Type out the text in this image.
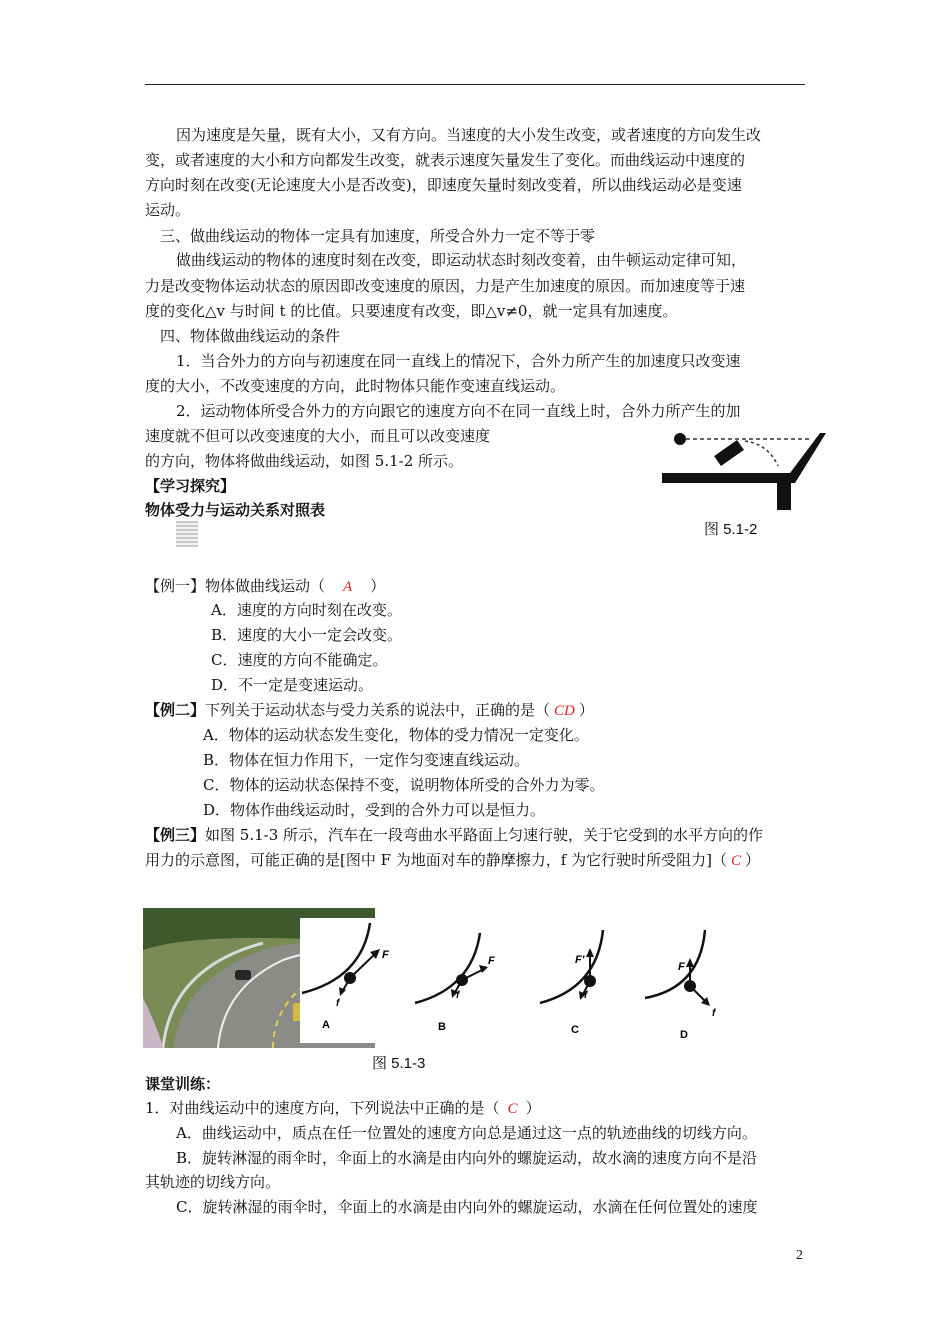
因为速度是矢量，既有大小，又有方向。当速度的大小发生改变，或者速度的方向发生改
变，或者速度的大小和方向都发生改变，就表示速度矢量发生了变化。而曲线运动中速度的
方向时刻在改变(无论速度大小是否改变)，即速度矢量时刻改变着，所以曲线运动必是变速
运动。
三、做曲线运动的物体一定具有加速度，所受合外力一定不等于零
做曲线运动的物体的速度时刻在改变，即运动状态时刻改变着，由牛顿运动定律可知，
力是改变物体运动状态的原因即改变速度的原因，力是产生加速度的原因。而加速度等于速
度的变化△v 与时间 t 的比值。只要速度有改变，即△v≠0，就一定具有加速度。
四、物体做曲线运动的条件
1．当合外力的方向与初速度在同一直线上的情况下，合外力所产生的加速度只改变速
度的大小，不改变速度的方向，此时物体只能作变速直线运动。
2．运动物体所受合外力的方向跟它的速度方向不在同一直线上时，合外力所产生的加
速度就不但可以改变速度的大小，而且可以改变速度
的方向，物体将做曲线运动，如图 5.1-2 所示。
图 5.1-2
【学习探究】
物体受力与运动关系对照表
【例一】物体做曲线运动（ A ）
A．速度的方向时刻在改变。
B．速度的大小一定会改变。
C．速度的方向不能确定。
D．不一定是变速运动。
【例二】下列关于运动状态与受力关系的说法中，正确的是（ CD ）
A．物体的运动状态发生变化，物体的受力情况一定变化。
B．物体在恒力作用下，一定作匀变速直线运动。
C．物体的运动状态保持不变，说明物体所受的合外力为零。
D．物体作曲线运动时，受到的合外力可以是恒力。
【例三】如图 5.1-3 所示，汽车在一段弯曲水平路面上匀速行驶，关于它受到的水平方向的作
用力的示意图，可能正确的是[图中 F 为地面对车的静摩擦力，f 为它行驶时所受阻力]（ C ）
F
f
A
F
f
B
F'
f
C
F
f
D
图 5.1-3
课堂训练：
1．对曲线运动中的速度方向，下列说法中正确的是（ C ）
A．曲线运动中，质点在任一位置处的速度方向总是通过这一点的轨迹曲线的切线方向。
B．旋转淋湿的雨伞时，伞面上的水滴是由内向外的螺旋运动，故水滴的速度方向不是沿
其轨迹的切线方向。
C．旋转淋湿的雨伞时，伞面上的水滴是由内向外的螺旋运动，水滴在任何位置处的速度
2
